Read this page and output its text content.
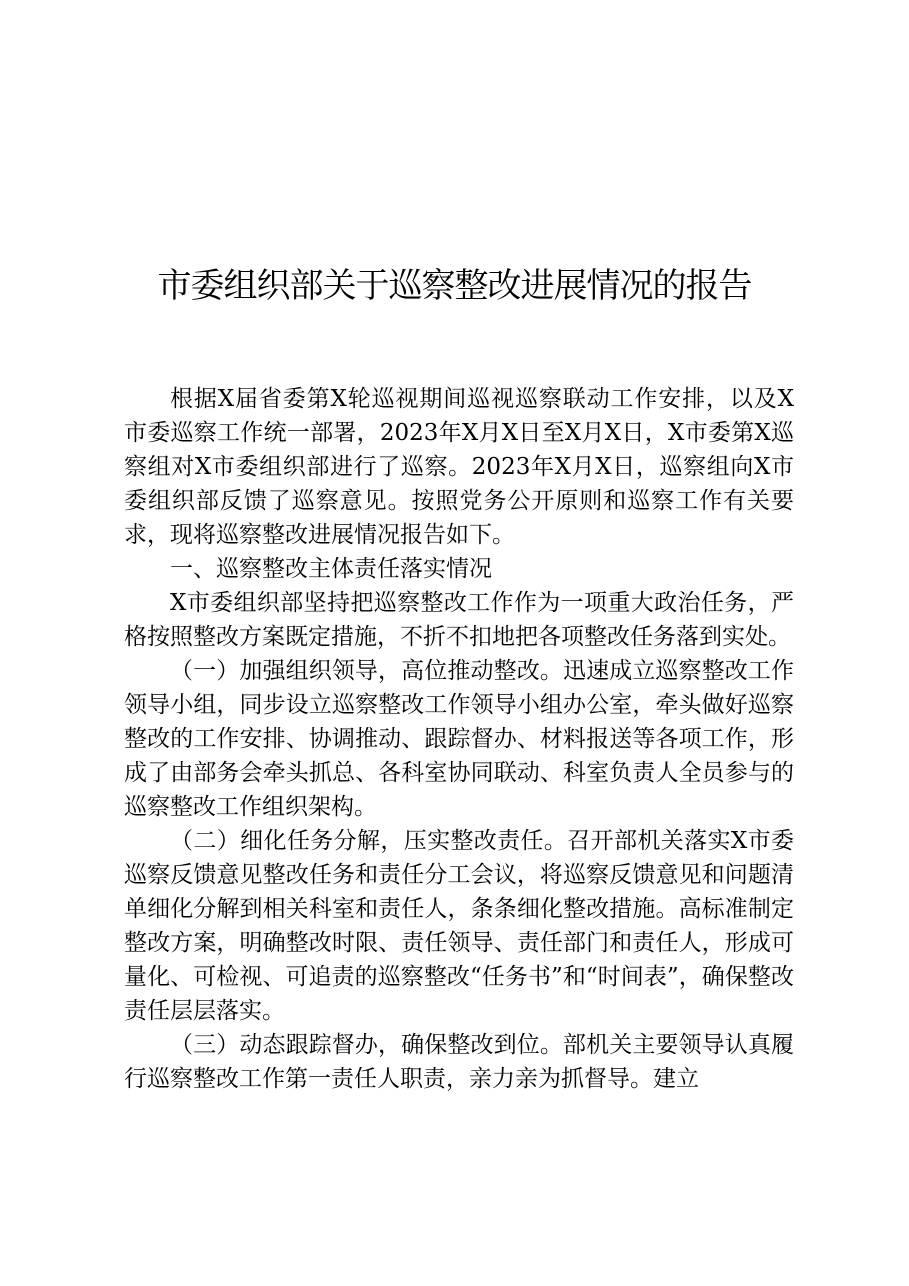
市委组织部关于巡察整改进展情况的报告

根据X届省委第X轮巡视期间巡视巡察联动工作安排，以及X市委巡察工作统一部署，2023年X月X日至X月X日，X市委第X巡察组对X市委组织部进行了巡察。2023年X月X日，巡察组向X市委组织部反馈了巡察意见。按照党务公开原则和巡察工作有关要求，现将巡察整改进展情况报告如下。

一、巡察整改主体责任落实情况

X市委组织部坚持把巡察整改工作作为一项重大政治任务，严格按照整改方案既定措施，不折不扣地把各项整改任务落到实处。

（一）加强组织领导，高位推动整改。迅速成立巡察整改工作领导小组，同步设立巡察整改工作领导小组办公室，牵头做好巡察整改的工作安排、协调推动、跟踪督办、材料报送等各项工作，形成了由部务会牵头抓总、各科室协同联动、科室负责人全员参与的巡察整改工作组织架构。

（二）细化任务分解，压实整改责任。召开部机关落实X市委巡察反馈意见整改任务和责任分工会议，将巡察反馈意见和问题清单细化分解到相关科室和责任人，条条细化整改措施。高标准制定整改方案，明确整改时限、责任领导、责任部门和责任人，形成可量化、可检视、可追责的巡察整改“任务书”和“时间表”，确保整改责任层层落实。

（三）动态跟踪督办，确保整改到位。部机关主要领导认真履行巡察整改工作第一责任人职责，亲力亲为抓督导。建立
